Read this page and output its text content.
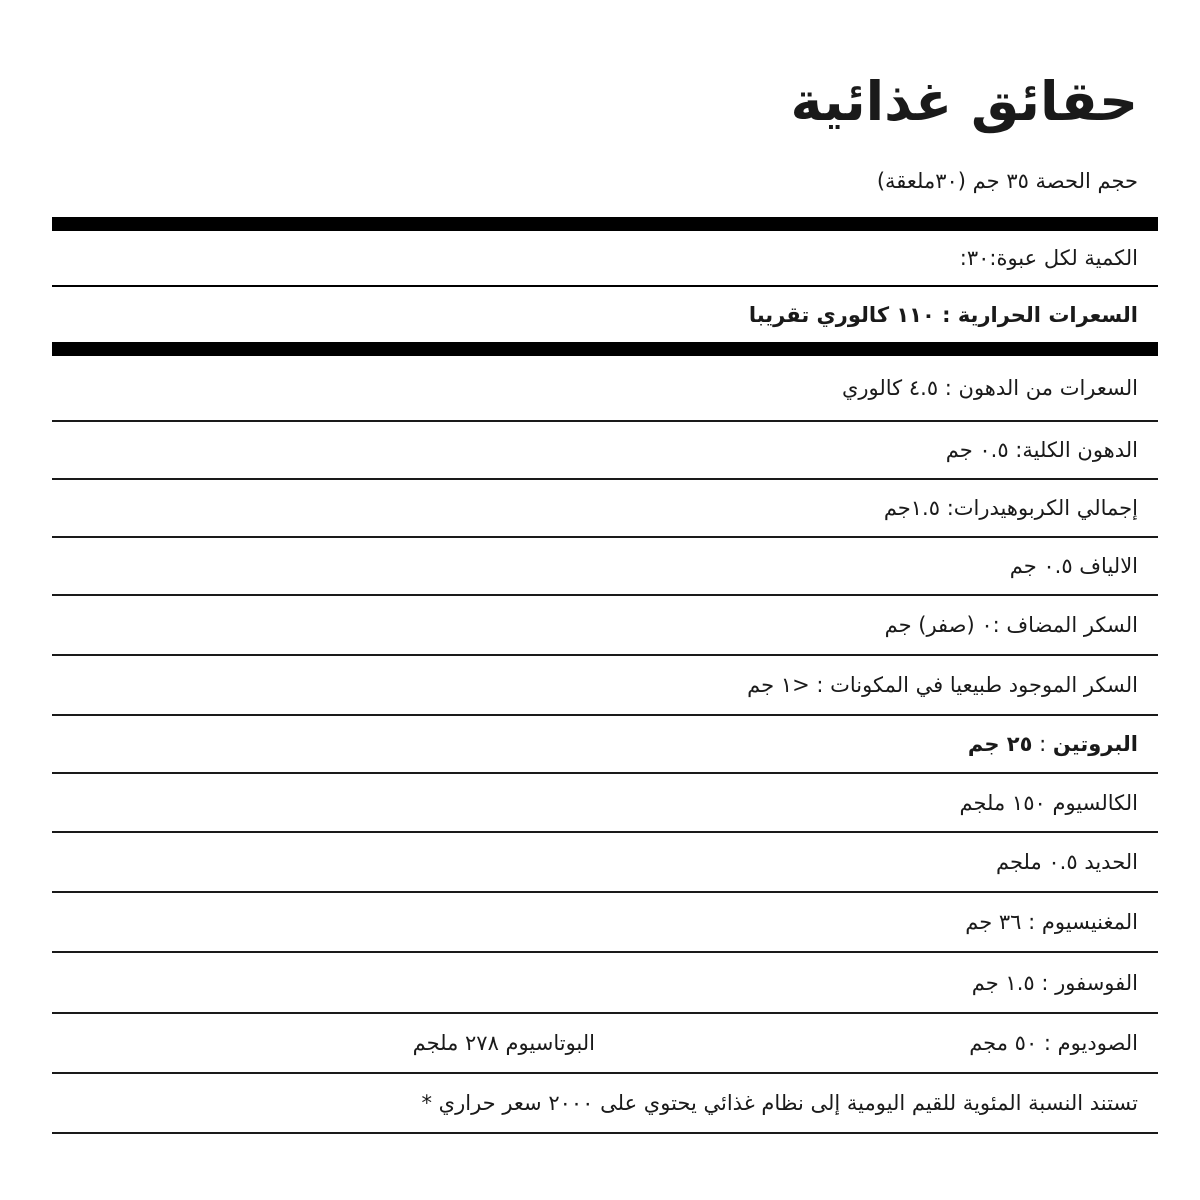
حقائق غذائية
حجم الحصة ٣٥ جم (٣٠ملعقة)
الكمية لكل عبوة:٣٠:
السعرات الحرارية : ١١٠ كالوري تقريبا
السعرات من الدهون : ٤.٥ كالوري
الدهون الكلية: ٠.٥ جم
إجمالي الكربوهيدرات: ١.٥جم
الالياف ٠.٥ جم
السكر المضاف :٠ (صفر) جم
السكر الموجود طبيعيا في المكونات : <١ جم
البروتين
:
٢٥ جم
الكالسيوم ١٥٠ ملجم
الحديد ٠.٥ ملجم
المغنيسيوم : ٣٦ جم
الفوسفور : ١.٥ جم
الصوديوم : ٥٠ مجم
البوتاسيوم ٢٧٨ ملجم
تستند النسبة المئوية للقيم اليومية إلى نظام غذائي يحتوي على ٢٠٠٠ سعر حراري *
